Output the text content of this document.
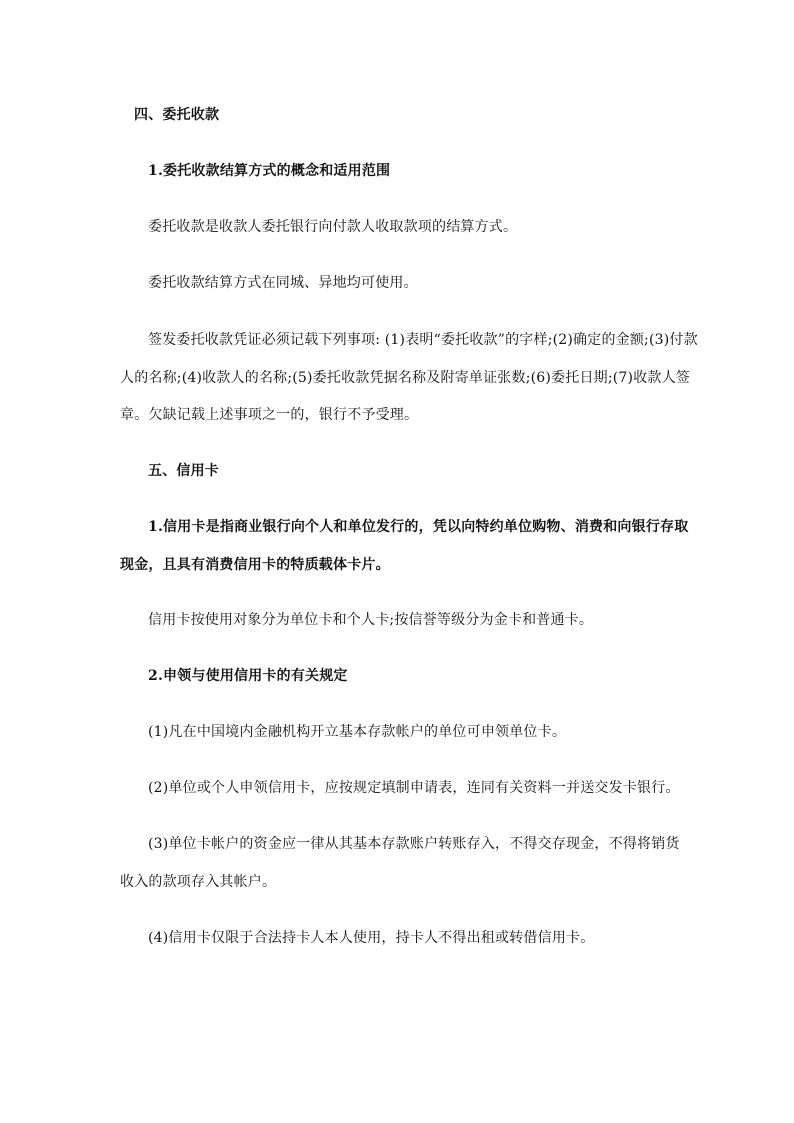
四、委托收款
1.委托收款结算方式的概念和适用范围
委托收款是收款人委托银行向付款人收取款项的结算方式。
委托收款结算方式在同城、异地均可使用。
签发委托收款凭证必须记载下列事项: (1)表明“委托收款”的字样;(2)确定的金额;(3)付款
人的名称;(4)收款人的名称;(5)委托收款凭据名称及附寄单证张数;(6)委托日期;(7)收款人签
章。欠缺记载上述事项之一的，银行不予受理。
五、信用卡
1.信用卡是指商业银行向个人和单位发行的，凭以向特约单位购物、消费和向银行存取
现金，且具有消费信用卡的特质载体卡片。
信用卡按使用对象分为单位卡和个人卡;按信誉等级分为金卡和普通卡。
2.申领与使用信用卡的有关规定
(1)凡在中国境内金融机构开立基本存款帐户的单位可申领单位卡。
(2)单位或个人申领信用卡，应按规定填制申请表，连同有关资料一并送交发卡银行。
(3)单位卡帐户的资金应一律从其基本存款账户转账存入，不得交存现金，不得将销货
收入的款项存入其帐户。
(4)信用卡仅限于合法持卡人本人使用，持卡人不得出租或转借信用卡。
